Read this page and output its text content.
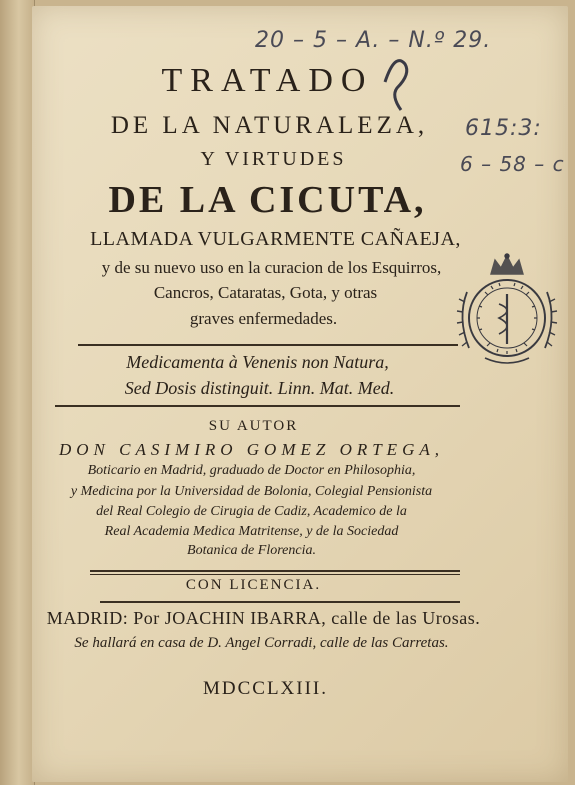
20 – 5 – A. – N.º 29.
615:3:
6 – 58 – c
TRATADO
DE LA NATURALEZA,
Y VIRTUDES
DE LA CICUTA,
LLAMADA VULGARMENTE CAÑAEJA,
y de su nuevo uso en la curacion de los Esquirros,
Cancros, Cataratas, Gota, y otras
graves enfermedades.
Medicamenta à Venenis non Natura,
Sed Dosis distinguit. Linn. Mat. Med.
SU AUTOR
DON CASIMIRO GOMEZ ORTEGA,
Boticario en Madrid, graduado de Doctor en Philosophia,
y Medicina por la Universidad de Bolonia, Colegial Pensionista
del Real Colegio de Cirugia de Cadiz, Academico de la
Real Academia Medica Matritense, y de la Sociedad
Botanica de Florencia.
CON LICENCIA.
MADRID: Por JOACHIN IBARRA, calle de las Urosas.
Se hallará en casa de D. Angel Corradi, calle de las Carretas.
MDCCLXIII.
